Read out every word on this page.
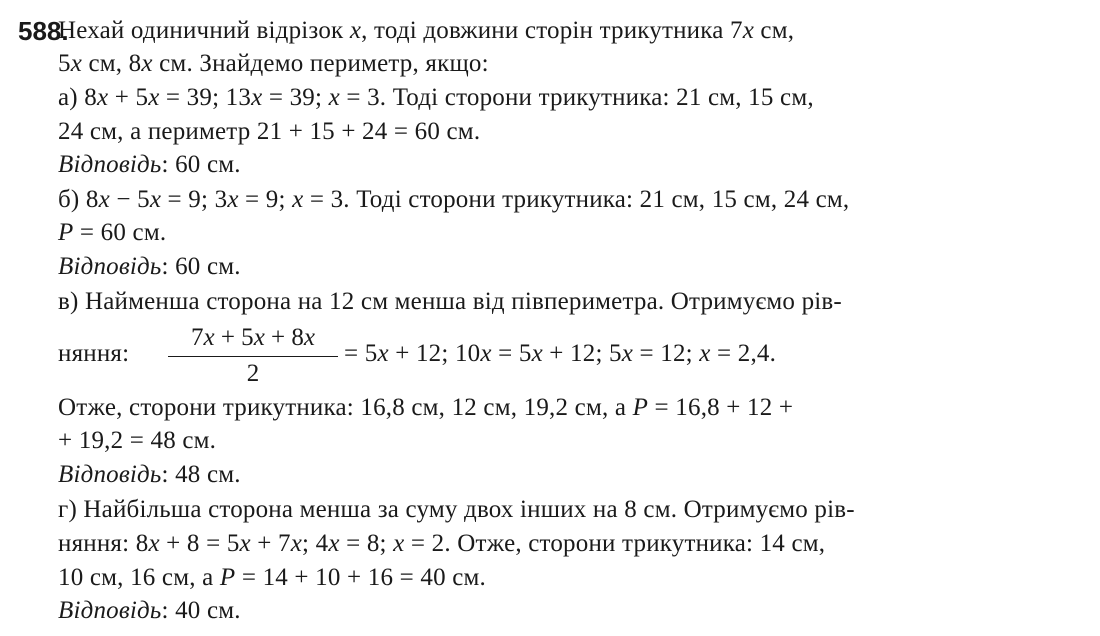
588.
Нехай одиничний відрізок x, тоді довжини сторін трикутника 7x см,
5x см, 8x см. Знайдемо периметр, якщо:
а) 8x + 5x = 39; 13x = 39; x = 3. Тоді сторони трикутника: 21 см, 15 см,
24 см, а периметр 21 + 15 + 24 = 60 см.
Відповідь: 60 см.
б) 8x − 5x = 9; 3x = 9; x = 3. Тоді сторони трикутника: 21 см, 15 см, 24 см,
P = 60 см.
Відповідь: 60 см.
в) Найменша сторона на 12 см менша від півпериметра. Отримуємо рів-
няння:
7x + 5x + 8x
2
= 5x + 12; 10x = 5x + 12; 5x = 12; x = 2,4.
Отже, сторони трикутника: 16,8 см, 12 см, 19,2 см, а P = 16,8 + 12 +
+ 19,2 = 48 см.
Відповідь: 48 см.
г) Найбільша сторона менша за суму двох інших на 8 см. Отримуємо рів-
няння: 8x + 8 = 5x + 7x; 4x = 8; x = 2. Отже, сторони трикутника: 14 см,
10 см, 16 см, а P = 14 + 10 + 16 = 40 см.
Відповідь: 40 см.
